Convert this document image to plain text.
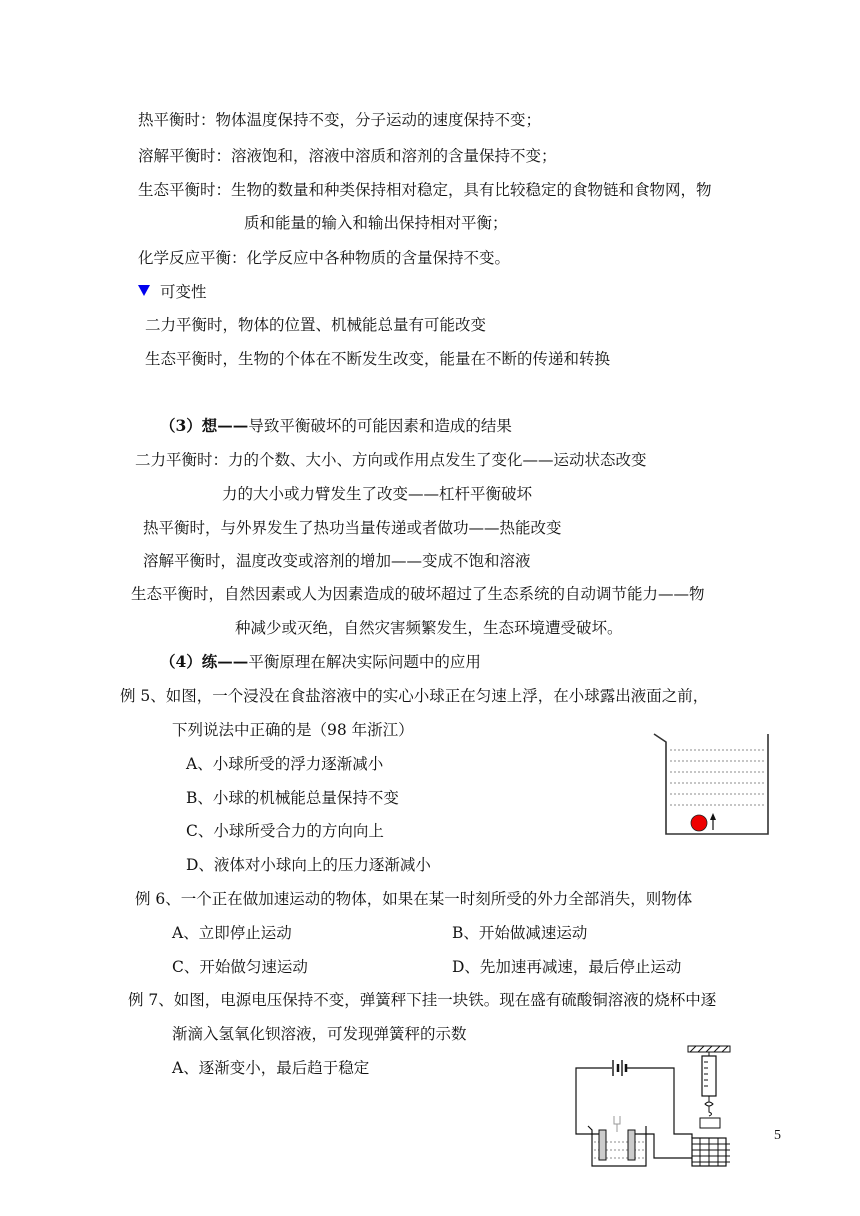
热平衡时：物体温度保持不变，分子运动的速度保持不变；
溶解平衡时：溶液饱和，溶液中溶质和溶剂的含量保持不变；
生态平衡时：生物的数量和种类保持相对稳定，具有比较稳定的食物链和食物网，物
质和能量的输入和输出保持相对平衡；
化学反应平衡：化学反应中各种物质的含量保持不变。
可变性
二力平衡时，物体的位置、机械能总量有可能改变
生态平衡时，生物的个体在不断发生改变，能量在不断的传递和转换
（3）想——导致平衡破坏的可能因素和造成的结果
二力平衡时：力的个数、大小、方向或作用点发生了变化——运动状态改变
力的大小或力臂发生了改变——杠杆平衡破坏
热平衡时，与外界发生了热功当量传递或者做功——热能改变
溶解平衡时，温度改变或溶剂的增加——变成不饱和溶液
生态平衡时，自然因素或人为因素造成的破坏超过了生态系统的自动调节能力——物
种减少或灭绝，自然灾害频繁发生，生态环境遭受破坏。
（4）练——平衡原理在解决实际问题中的应用
例 5、如图，一个浸没在食盐溶液中的实心小球正在匀速上浮，在小球露出液面之前，
下列说法中正确的是（98 年浙江）
A、小球所受的浮力逐渐减小
B、小球的机械能总量保持不变
C、小球所受合力的方向向上
D、液体对小球向上的压力逐渐减小
例 6、一个正在做加速运动的物体，如果在某一时刻所受的外力全部消失，则物体
A、立即停止运动	B、开始做减速运动
C、开始做匀速运动	D、先加速再减速，最后停止运动
例 7、如图，电源电压保持不变，弹簧秤下挂一块铁。现在盛有硫酸铜溶液的烧杯中逐
渐滴入氢氧化钡溶液，可发现弹簧秤的示数
A、逐渐变小，最后趋于稳定
5
